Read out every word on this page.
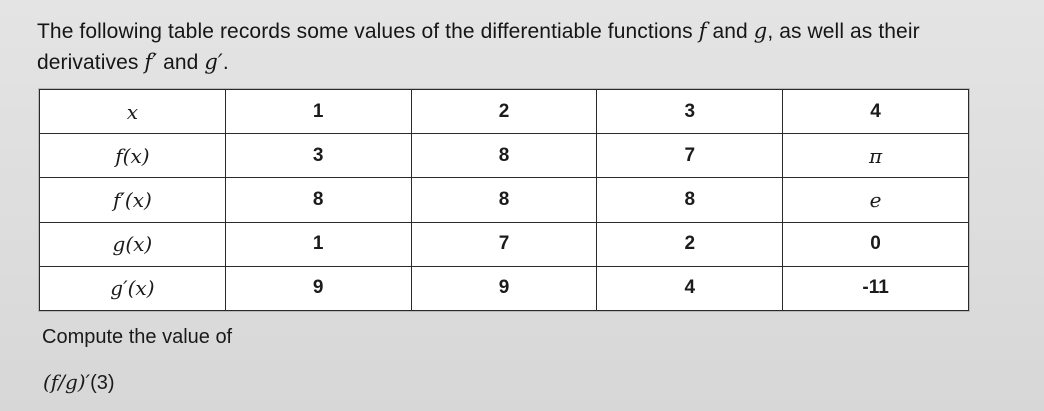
The following table records some values of the differentiable functions f and g, as well as their
derivatives f′ and g′.
x	1	2	3	4
f(x)	3	8	7	π
f′(x)	8	8	8	e
g(x)	1	7	2	0
g′(x)	9	9	4	-11
Compute the value of
(f/g)′(3)
